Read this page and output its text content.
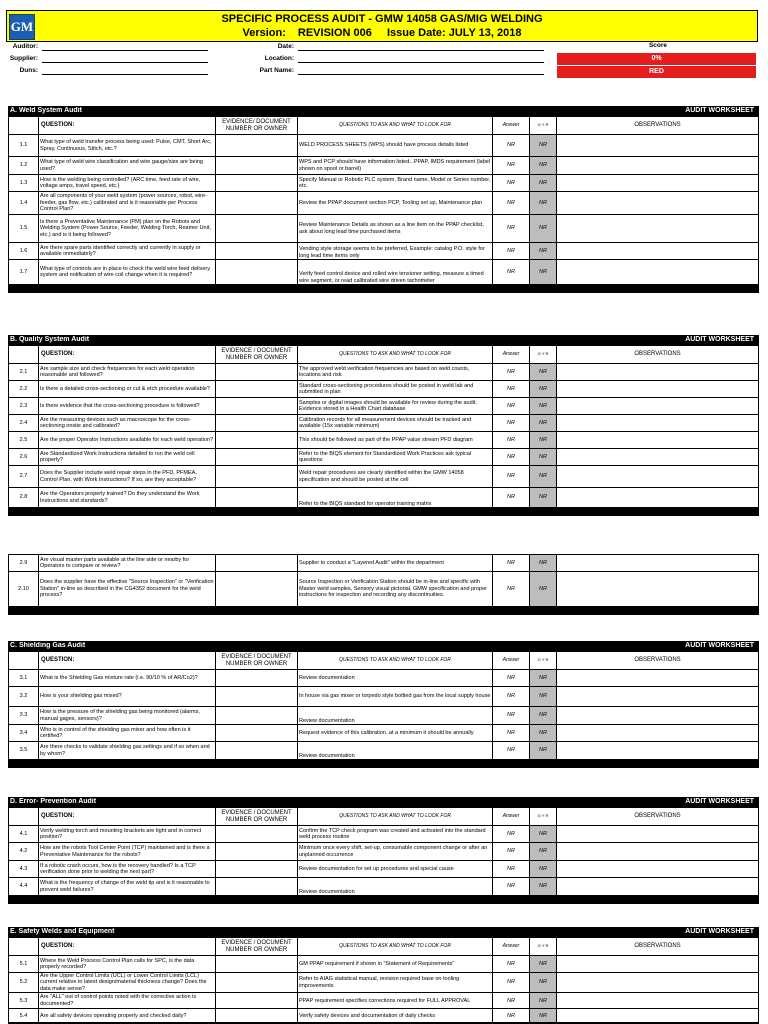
GM	SPECIFIC PROCESS AUDIT - GMW 14058 GAS/MIG WELDING
Version: REVISION 006 Issue Date: JULY 13, 2018
Auditor:
Supplier:
Duns:
Date:
Location:
Part Name:
Score
0%
RED
A. Weld System Audit						AUDIT WORKSHEET
	QUESTION:	EVIDENCE/ DOCUMENT NUMBER OR OWNER	QUESTIONS TO ASK AND WHAT TO LOOK FOR	Answer	G Y R	OBSERVATIONS
1.1	What type of weld transfer process being used: Pulse, CMT, Short Arc, Spray, Continuous, Stitch, etc.?		WELD PROCESS SHEETS (WPS) should have process details listed	NR	NR	
1.2	What type of weld wire classification and wire gauge/size are being used?		WPS and PCP should have information listed...PPAP, IMDS requirement (label shown on spool or barrel)	NR	NR	
1.3	How is the welding being controlled? (ARC time, feed rate of wire, voltage amps, travel speed, etc.)		Specify Manual or Robotic PLC system, Brand name, Model or Series number, etc.	NR	NR	
1.4	Are all components of your weld system (power sources, robot, wire-feeder, gas flow, etc.) calibrated and is it reasonable per Process Control Plan?		Review the PPAP document section PCP, Tooling set up, Maintenance plan	NR	NR	
1.5	Is there a Preventative Maintenance (PM) plan on the Robots and Welding System (Power Source, Feeder, Welding Torch, Reamer Unit, etc.) and is it being followed?		Review Maintenance Details as shown as a line item on the PPAP checklist, ask about long lead time purchased items	NR	NR	
1.6	Are there spare parts identified correctly and currently in supply or available immediately?		Vending style storage seems to be preferred, Example: catalog P.O. style for long lead time items only	NR	NR	
1.7	What type of controls are in place to check the weld wire feed delivery system and notification of wire coil change when it is required?		Verify feed control device and rolled wire tensioner setting, measure a timed wire segment, or read calibrated wire driven tachometer	NR	NR	

B. Quality System Audit						AUDIT WORKSHEET
	QUESTION:	EVIDENCE / DOCUMENT NUMBER OR OWNER	QUESTIONS TO ASK AND WHAT TO LOOK FOR	Answer	G Y R	OBSERVATIONS
2.1	Are sample size and check frequencies for each weld operation reasonable and followed?		The approved weld verification frequencies are based on weld counts, locations and risk	NR	NR	
2.2	Is there a detailed cross-sectioning or cut & etch procedure available?		Standard cross-sectioning procedures should be posted in weld lab and submitted in plan	NR	NR	
2.3	Is there evidence that the cross-sectioning procedure is followed?		Samples or digital images should be available for review during the audit. Evidence stored in a Health Chart database	NR	NR	
2.4	Are the measuring devices such as macroscope for the cross-sectioning onsite and calibrated?		Calibration records for all measurement devices should be tracked and available (15x variable minimum)	NR	NR	
2.5	Are the proper Operator Instructions available for each weld operation?		This should be followed as part of the PPAP value stream PFD diagram	NR	NR	
2.6	Are Standardized Work Instructions detailed to run the weld cell properly?		Refer to the BIQS element for Standardized Work Practices ask typical questions	NR	NR	
2.7	Does the Supplier include weld repair steps in the PFD, PFMEA, Control Plan, with Work Instructions? If so, are they acceptable?		Weld repair procedures are clearly identified within the GMW 14058 specification and should be posted at the cell	NR	NR	
2.8	Are the Operators properly trained? Do they understand the Work Instructions and standards?		Refer to the BIQS standard for operator training matrix	NR	NR	

2.9	Are visual master parts available at the line side or nearby for Operators to compare or review?		Supplier to conduct a "Layered Audit" within the department	NR	NR	
2.10	Does the supplier have the effective "Source Inspection" or "Verification Station" in-line as described in the CG4352 document for the weld process?		Source Inspection or Verification Station should be in-line and specific with Master weld samples, Sensory visual pictorial, GMW specification and proper instructions for inspection and recording any discontinuities.	NR	NR	

C. Shielding Gas Audit						AUDIT WORKSHEET
	QUESTION:	EVIDENCE / DOCUMENT NUMBER OR OWNER	QUESTIONS TO ASK AND WHAT TO LOOK FOR	Answer	G Y R	OBSERVATIONS
3.1	What is the Shielding Gas mixture rate (i.e. 90/10 % of AR/Co2)?		Review documentation	NR	NR	
3.2	How is your shielding gas mixed?		In house via gas mixer or torpedo style bottled gas from the local supply house	NR	NR	
3.3	How is the pressure of the shielding gas being monitored (alarms, manual gages, sensors)?		Review documentation	NR	NR	
3.4	Who is in control of the shielding gas mixer and how often is it certified?		Request evidence of this calibration..at a minimum it should be annually	NR	NR	
3.5	Are there checks to validate shielding gas settings and if so when and by whom?		Review documentation	NR	NR	

D. Error- Prevention Audit						AUDIT WORKSHEET
	QUESTION:	EVIDENCE / DOCUMENT NUMBER OR OWNER	QUESTIONS TO ASK AND WHAT TO LOOK FOR	Answer	G Y R	OBSERVATIONS
4.1	Verify welding torch and mounting brackets are tight and in correct position?		Confirm the TCP check program was created and activated into the standard weld process routine	NR	NR	
4.2	How are the robots Tool Center Point (TCP) maintained and is there a Preventative Maintenance for the robots?		Minimum once every shift, set-up, consumable component change or after an unplanned occurrence	NR	NR	
4.3	If a robotic crash occurs, how is the recovery handled? Is a TCP verification done prior to welding the next part?		Review documentation for set up procedures and special cause	NR	NR	
4.4	What is the frequency of change of the weld tip and is it reasonable to prevent weld failures?		Review documentation	NR	NR	

E. Safety Welds and Equipment						AUDIT WORKSHEET
	QUESTION:	EVIDENCE / DOCUMENT NUMBER OR OWNER	QUESTIONS TO ASK AND WHAT TO LOOK FOR	Answer	G Y R	OBSERVATIONS
5.1	Where the Weld Process Control Plan calls for SPC, is the data properly recorded?		GM PPAP requirement if shown in "Statement of Requirements"	NR	NR	
5.2	Are the Upper Control Limits (UCL) or Lower Control Limits (LCL) current relative to latest design/material thickness change? Does the data make sense?		Refer to AIAG statistical manual, revision required base on tooling improvements	NR	NR	
5.3	Are "ALL" out of control points noted with the corrective action is documented?		PPAP requirement specifies corrections required for FULL APPROVAL	NR	NR	
5.4	Are all safety devices operating properly and checked daily?		Verify safety devices and documentation of daily checks	NR	NR	
